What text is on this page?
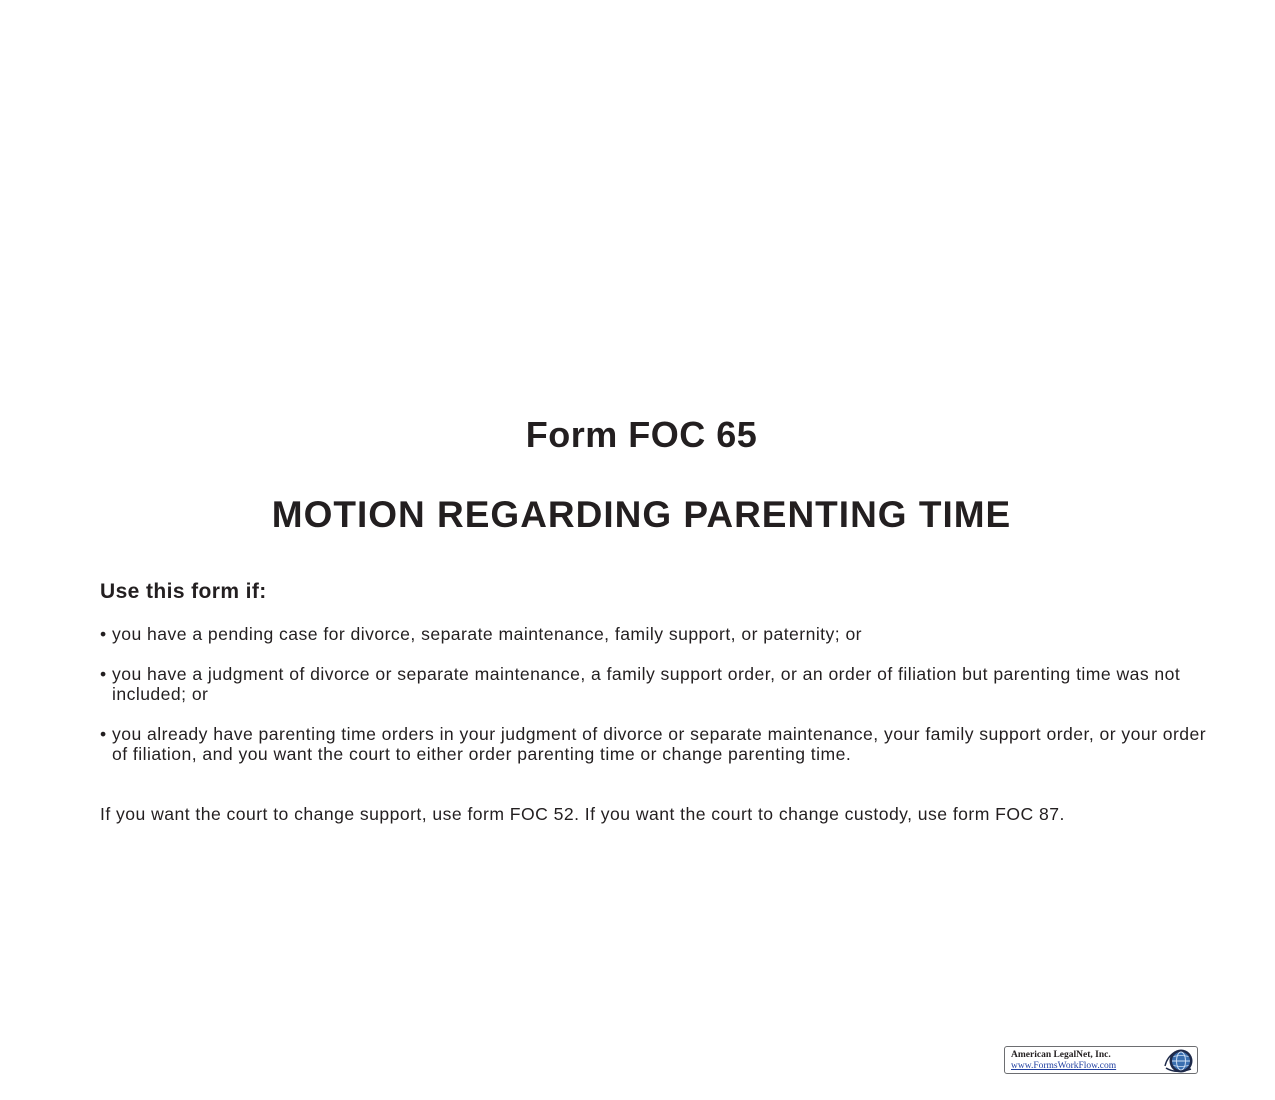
Form FOC 65
MOTION REGARDING PARENTING TIME
Use this form if:
• you have a pending case for divorce, separate maintenance, family support, or paternity; or
• you have a judgment of divorce or separate maintenance, a family support order, or an order of filiation but parenting time was not included; or
• you already have parenting time orders in your judgment of divorce or separate maintenance, your family support order, or your order of filiation, and you want the court to either order parenting time or change parenting time.
If you want the court to change support, use form FOC 52. If you want the court to change custody, use form FOC 87.
American LegalNet, Inc.
www.FormsWorkFlow.com
